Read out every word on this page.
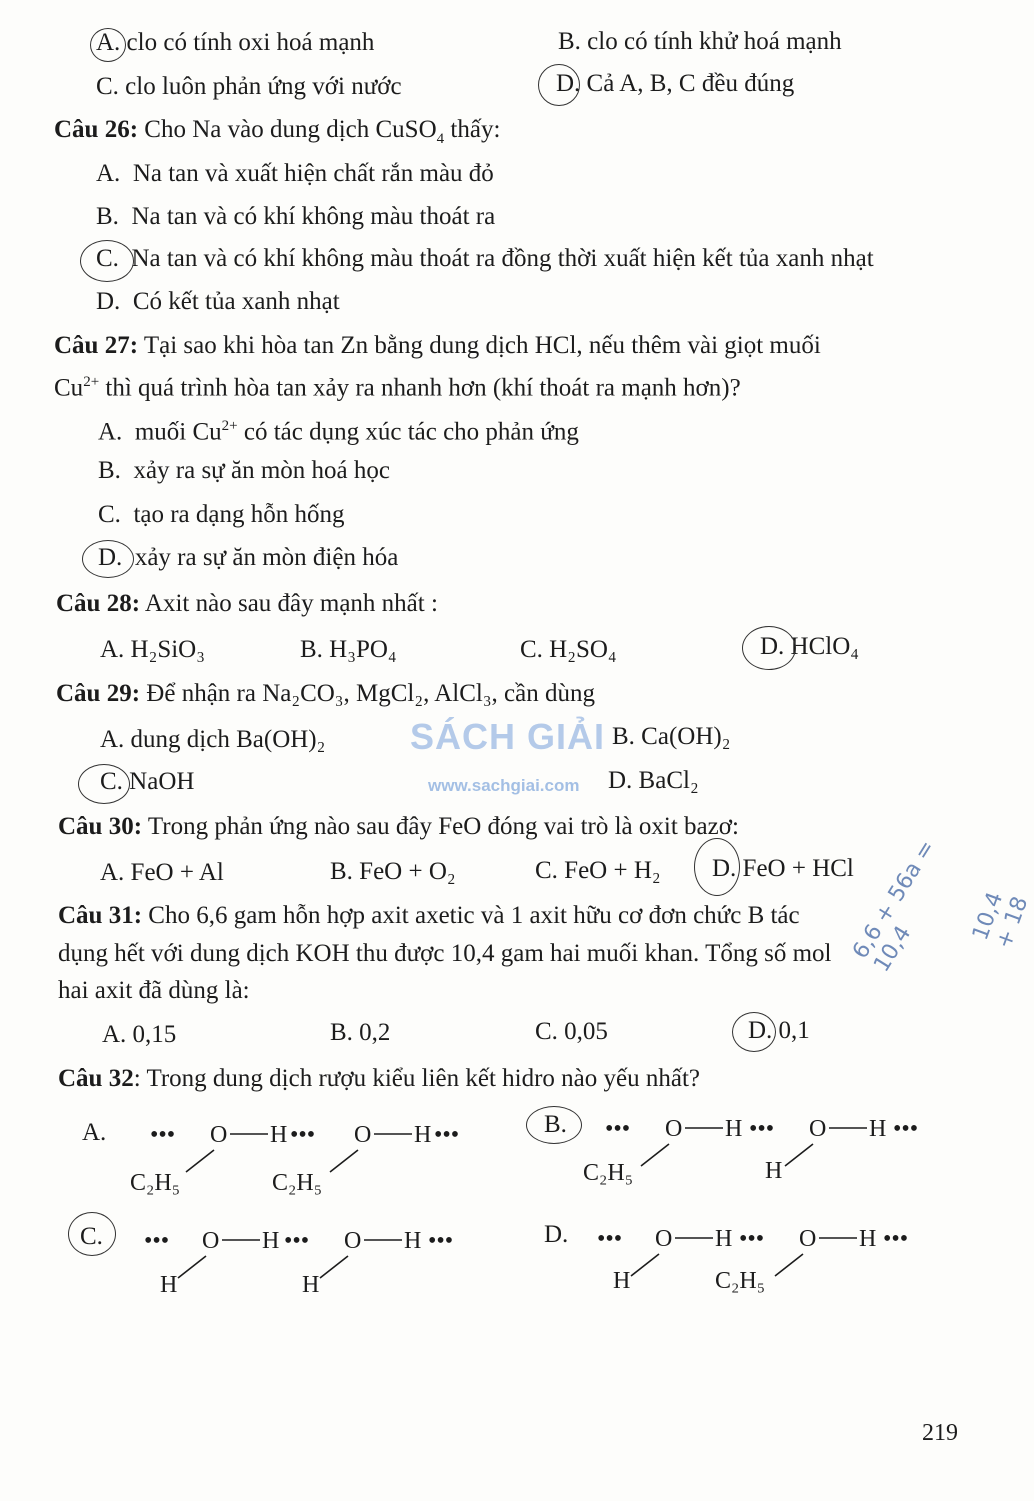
A. clo có tính oxi hoá mạnh	B. clo có tính khử hoá mạnh
C. clo luôn phản ứng với nước	D. Cả A, B, C đều đúng
Câu 26: Cho Na vào dung dịch CuSO$_4$ thấy:
A. Na tan và xuất hiện chất rắn màu đỏ
B. Na tan và có khí không màu thoát ra
C. Na tan và có khí không màu thoát ra đồng thời xuất hiện kết tủa xanh nhạt
D. Có kết tủa xanh nhạt
Câu 27: Tại sao khi hòa tan Zn bằng dung dịch HCl, nếu thêm vài giọt muối
$Cu^{2+}$ thì quá trình hòa tan xảy ra nhanh hơn (khí thoát ra mạnh hơn)?
A. muối $Cu^{2+}$ có tác dụng xúc tác cho phản ứng
B. xảy ra sự ăn mòn hoá học
C. tạo ra dạng hỗn hống
D. xảy ra sự ăn mòn điện hóa
Câu 28: Axit nào sau đây mạnh nhất :
A. H₂SiO₃	B. H₃PO₄	C. H₂SO₄	D. HClO₄
Câu 29: Để nhận ra Na₂CO₃, MgCl₂, AlCl₃, cần dùng
A. dung dịch Ba(OH)₂	B. Ca(OH)₂
C. NaOH	D. BaCl₂
SÁCH GIẢI
www.sachgiai.com
Câu 30: Trong phản ứng nào sau đây FeO đóng vai trò là oxit bazơ:
A. FeO + Al	B. FeO + O₂	C. FeO + H₂ D. FeO + HCl
Câu 31: Cho 6,6 gam hỗn hợp axit axetic và 1 axit hữu cơ đơn chức B tác
dụng hết với dung dịch KOH thu được 10,4 gam hai muối khan. Tổng số mol
hai axit đã dùng là:
A. 0,15	B. 0,2	C. 0,05	D. 0,1
6,6 + 56a = 10,4
10,4 + 18
Câu 32: Trong dung dịch rượu kiểu liên kết hidro nào yếu nhất?
A. ••• O H ••• O H •••
C₂H₅	C₂H₅
B. ••• O H ••• O H •••
C₂H₅	H
C. ••• O H ••• O H •••
H	H
D. ••• O H ••• O H •••
H	C₂H₅
219
